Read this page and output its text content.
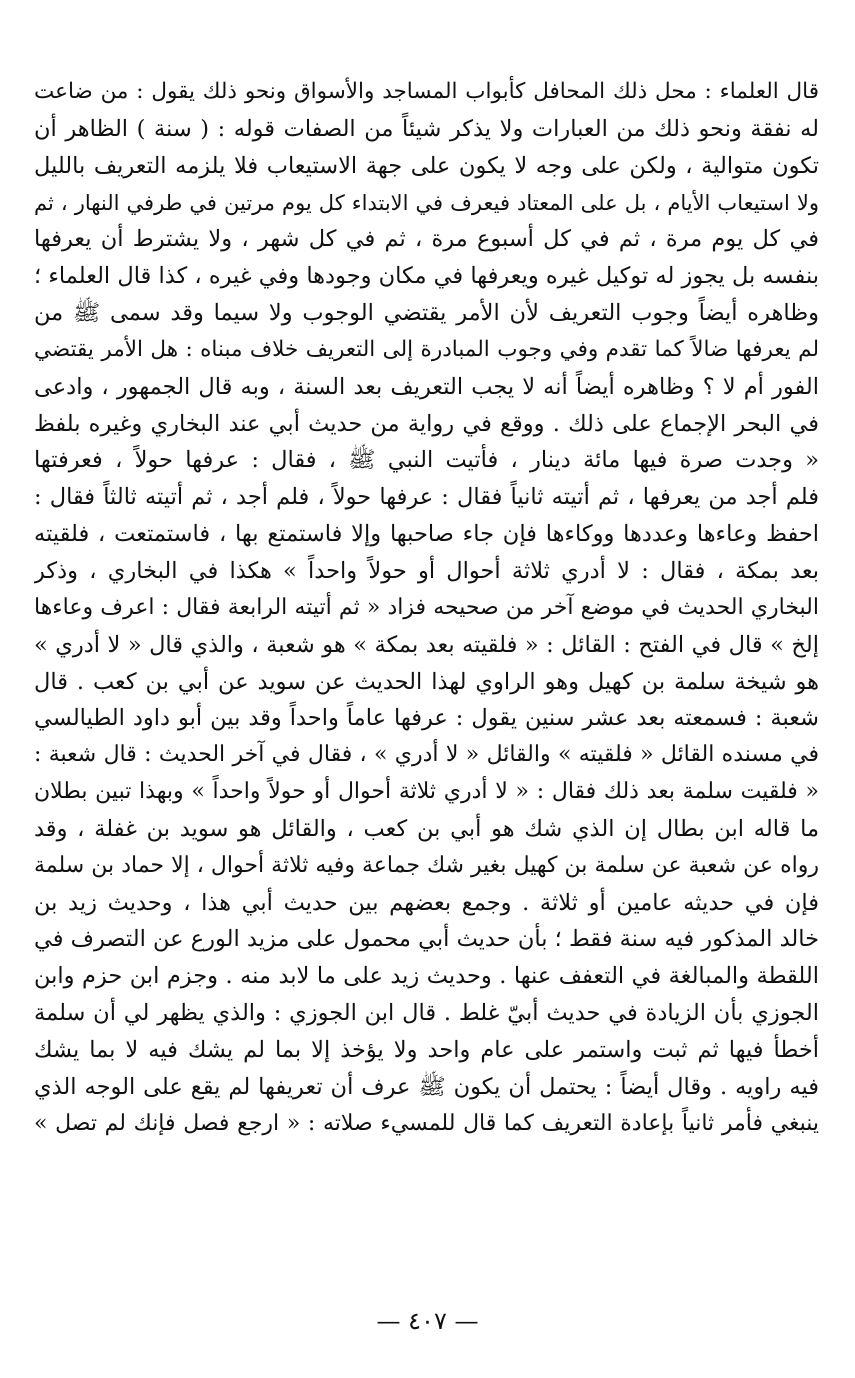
قال العلماء : محل ذلك المحافل كأبواب المساجد والأسواق ونحو ذلك يقول : من ضاعت
له نفقة ونحو ذلك من العبارات ولا يذكر شيئاً من الصفات قوله : ( سنة ) الظاهر أن
تكون متوالية ، ولكن على وجه لا يكون على جهة الاستيعاب فلا يلزمه التعريف بالليل
ولا استيعاب الأيام ، بل على المعتاد فيعرف في الابتداء كل يوم مرتين في طرفي النهار ، ثم
في كل يوم مرة ، ثم في كل أسبوع مرة ، ثم في كل شهر ، ولا يشترط أن يعرفها
بنفسه بل يجوز له توكيل غيره ويعرفها في مكان وجودها وفي غيره ، كذا قال العلماء ؛
وظاهره أيضاً وجوب التعريف لأن الأمر يقتضي الوجوب ولا سيما وقد سمى ﷺ من
لم يعرفها ضالاً كما تقدم وفي وجوب المبادرة إلى التعريف خلاف مبناه : هل الأمر يقتضي
الفور أم لا ؟ وظاهره أيضاً أنه لا يجب التعريف بعد السنة ، وبه قال الجمهور ، وادعى
في البحر الإجماع على ذلك . ووقع في رواية من حديث أبي عند البخاري وغيره بلفظ
« وجدت صرة فيها مائة دينار ، فأتيت النبي ﷺ ، فقال : عرفها حولاً ، فعرفتها
فلم أجد من يعرفها ، ثم أتيته ثانياً فقال : عرفها حولاً ، فلم أجد ، ثم أتيته ثالثاً فقال :
احفظ وعاءها وعددها ووكاءها فإن جاء صاحبها وإلا فاستمتع بها ، فاستمتعت ، فلقيته
بعد بمكة ، فقال : لا أدري ثلاثة أحوال أو حولاً واحداً » هكذا في البخاري ، وذكر
البخاري الحديث في موضع آخر من صحيحه فزاد « ثم أتيته الرابعة فقال : اعرف وعاءها
إلخ » قال في الفتح : القائل : « فلقيته بعد بمكة » هو شعبة ، والذي قال « لا أدري »
هو شيخة سلمة بن كهيل وهو الراوي لهذا الحديث عن سويد عن أبي بن كعب . قال
شعبة : فسمعته بعد عشر سنين يقول : عرفها عاماً واحداً وقد بين أبو داود الطيالسي
في مسنده القائل « فلقيته » والقائل « لا أدري » ، فقال في آخر الحديث : قال شعبة :
« فلقيت سلمة بعد ذلك فقال : « لا أدري ثلاثة أحوال أو حولاً واحداً » وبهذا تبين بطلان
ما قاله ابن بطال إن الذي شك هو أبي بن كعب ، والقائل هو سويد بن غفلة ، وقد
رواه عن شعبة عن سلمة بن كهيل بغير شك جماعة وفيه ثلاثة أحوال ، إلا حماد بن سلمة
فإن في حديثه عامين أو ثلاثة . وجمع بعضهم بين حديث أبي هذا ، وحديث زيد بن
خالد المذكور فيه سنة فقط ؛ بأن حديث أبي محمول على مزيد الورع عن التصرف في
اللقطة والمبالغة في التعفف عنها . وحديث زيد على ما لابد منه . وجزم ابن حزم وابن
الجوزي بأن الزيادة في حديث أبيّ غلط . قال ابن الجوزي : والذي يظهر لي أن سلمة
أخطأ فيها ثم ثبت واستمر على عام واحد ولا يؤخذ إلا بما لم يشك فيه لا بما يشك
فيه راويه . وقال أيضاً : يحتمل أن يكون ﷺ عرف أن تعريفها لم يقع على الوجه الذي
ينبغي فأمر ثانياً بإعادة التعريف كما قال للمسيء صلاته : « ارجع فصل فإنك لم تصل »
— ٤٠٧ —
